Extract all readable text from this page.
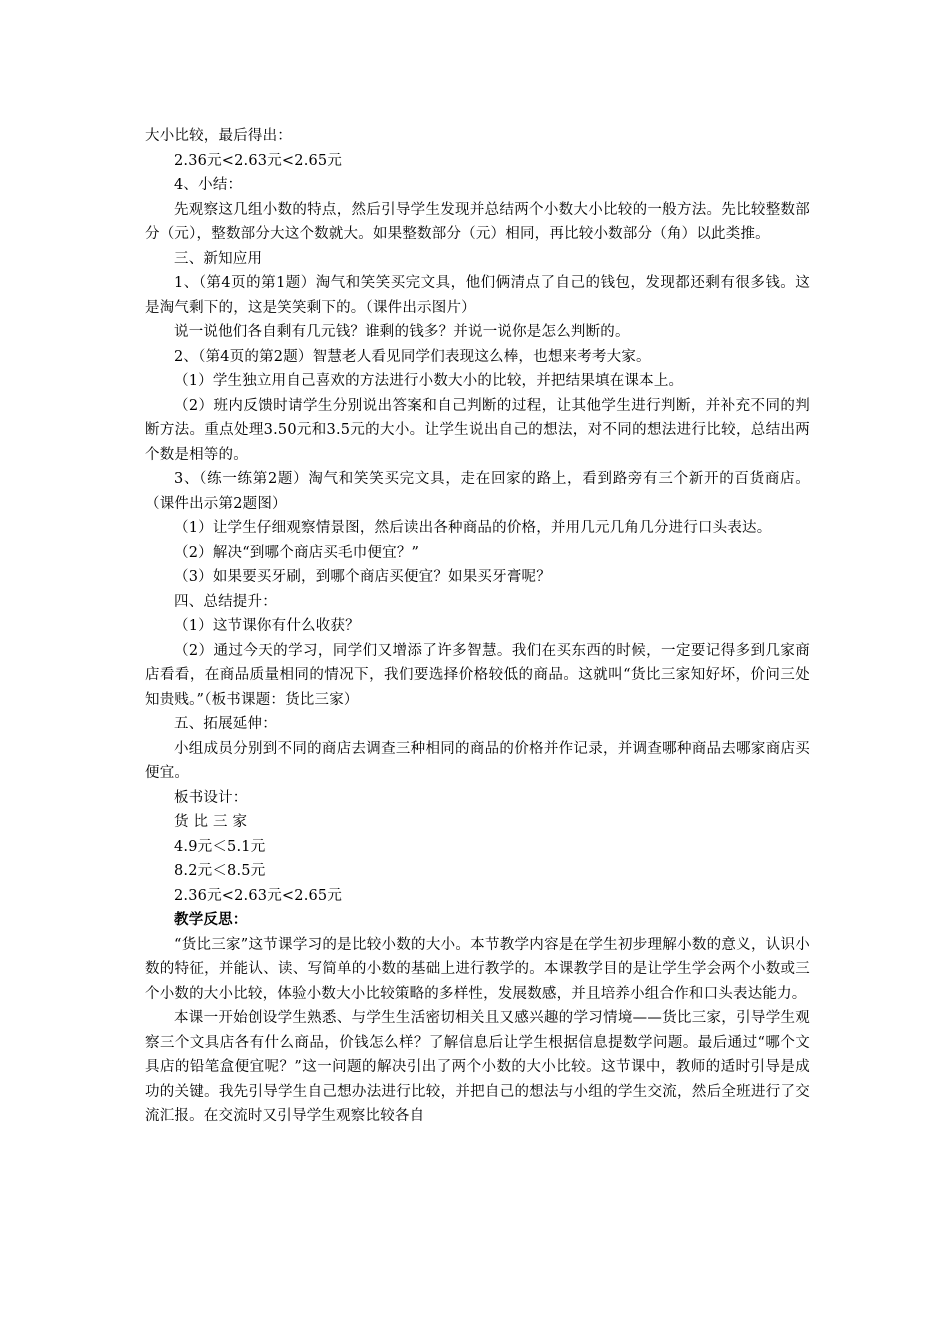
大小比较，最后得出：

2.36元<2.63元<2.65元

4、小结：

先观察这几组小数的特点，然后引导学生发现并总结两个小数大小比较的一般方法。先比较整数部分（元），整数部分大这个数就大。如果整数部分（元）相同，再比较小数部分（角）以此类推。

三、新知应用

1、（第4页的第1题）淘气和笑笑买完文具，他们俩清点了自己的钱包，发现都还剩有很多钱。这是淘气剩下的，这是笑笑剩下的。（课件出示图片）

说一说他们各自剩有几元钱？谁剩的钱多？并说一说你是怎么判断的。

2、（第4页的第2题）智慧老人看见同学们表现这么棒，也想来考考大家。

（1）学生独立用自己喜欢的方法进行小数大小的比较，并把结果填在课本上。

（2）班内反馈时请学生分别说出答案和自己判断的过程，让其他学生进行判断，并补充不同的判断方法。重点处理3.50元和3.5元的大小。让学生说出自己的想法，对不同的想法进行比较，总结出两个数是相等的。

3、（练一练第2题）淘气和笑笑买完文具，走在回家的路上，看到路旁有三个新开的百货商店。（课件出示第2题图）

（1）让学生仔细观察情景图，然后读出各种商品的价格，并用几元几角几分进行口头表达。

（2）解决“到哪个商店买毛巾便宜？”

（3）如果要买牙刷，到哪个商店买便宜？如果买牙膏呢？

四、总结提升：

（1）这节课你有什么收获？

（2）通过今天的学习，同学们又增添了许多智慧。我们在买东西的时候，一定要记得多到几家商店看看，在商品质量相同的情况下，我们要选择价格较低的商品。这就叫“货比三家知好坏，价问三处知贵贱。”（板书课题：货比三家）

五、拓展延伸：

小组成员分别到不同的商店去调查三种相同的商品的价格并作记录，并调查哪种商品去哪家商店买便宜。

板书设计：

货 比 三 家

4.9元＜5.1元

8.2元＜8.5元

2.36元<2.63元<2.65元

教学反思：

“货比三家”这节课学习的是比较小数的大小。本节教学内容是在学生初步理解小数的意义，认识小数的特征，并能认、读、写简单的小数的基础上进行教学的。本课教学目的是让学生学会两个小数或三个小数的大小比较，体验小数大小比较策略的多样性，发展数感，并且培养小组合作和口头表达能力。

本课一开始创设学生熟悉、与学生生活密切相关且又感兴趣的学习情境——货比三家，引导学生观察三个文具店各有什么商品，价钱怎么样？了解信息后让学生根据信息提数学问题。最后通过“哪个文具店的铅笔盒便宜呢？”这一问题的解决引出了两个小数的大小比较。这节课中，教师的适时引导是成功的关键。我先引导学生自己想办法进行比较，并把自己的想法与小组的学生交流，然后全班进行了交流汇报。在交流时又引导学生观察比较各自
